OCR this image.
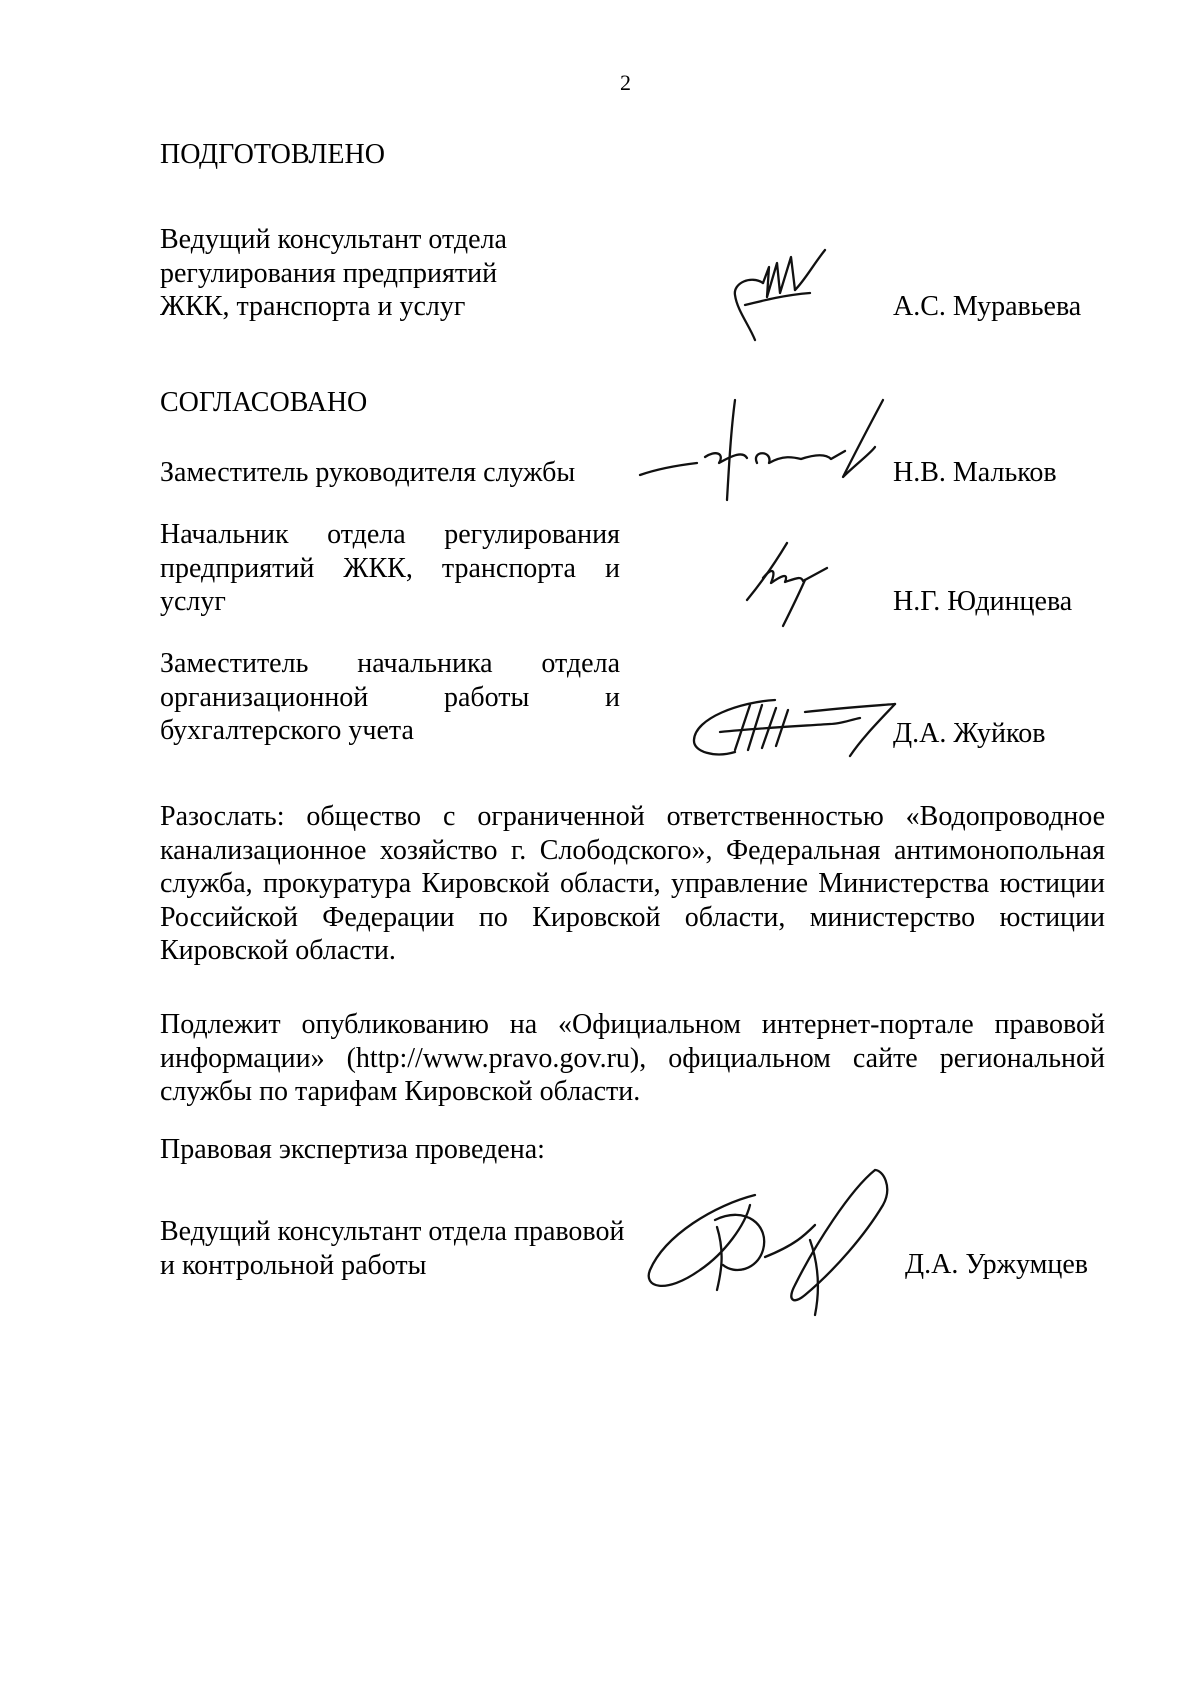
2
ПОДГОТОВЛЕНО
Ведущий консультант отдела
регулирования предприятий
ЖКК, транспорта и услуг	А.С. Муравьева
СОГЛАСОВАНО
Заместитель руководителя службы	Н.В. Мальков
Начальник отдела регулирования
предприятий ЖКК, транспорта и
услуг	Н.Г. Юдинцева
Заместитель начальника отдела
организационной работы и
бухгалтерского учета	Д.А. Жуйков
Разослать: общество с ограниченной ответственностью «Водопроводное
канализационное хозяйство г. Слободского», Федеральная антимонопольная
служба, прокуратура Кировской области, управление Министерства юстиции
Российской Федерации по Кировской области, министерство юстиции
Кировской области.
Подлежит опубликованию на «Официальном интернет-портале правовой
информации» (http://www.pravo.gov.ru), официальном сайте региональной
службы по тарифам Кировской области.
Правовая экспертиза проведена:
Ведущий консультант отдела правовой
и контрольной работы	Д.А. Уржумцев
